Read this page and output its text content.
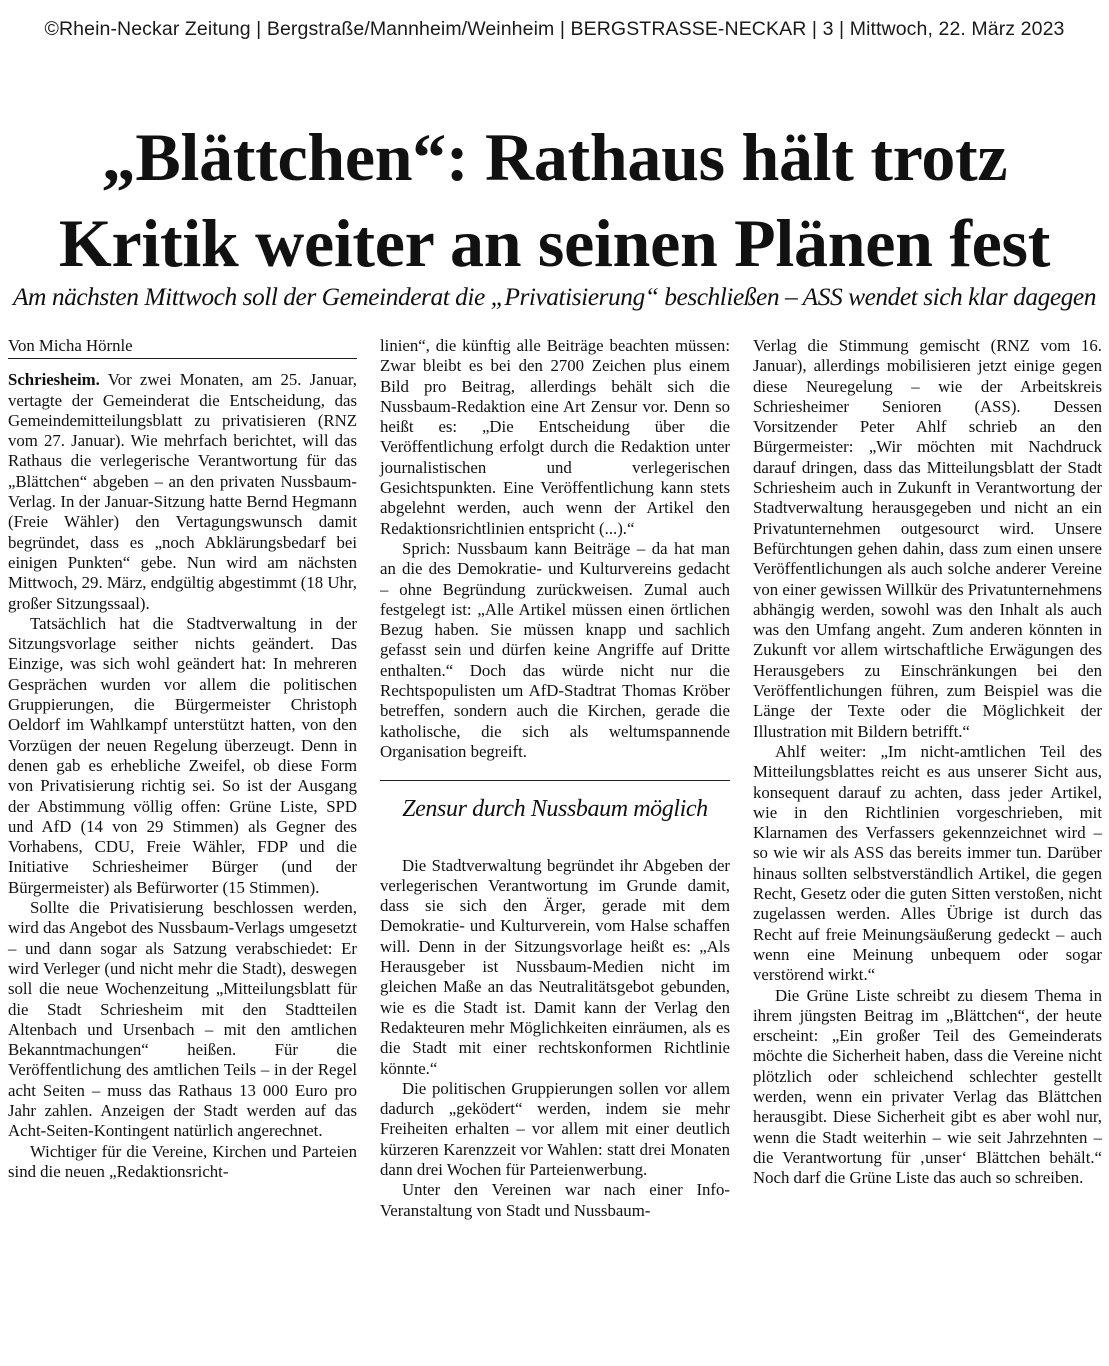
©Rhein-Neckar Zeitung | Bergstraße/Mannheim/Weinheim | BERGSTRASSE-NECKAR | 3 | Mittwoch, 22. März 2023
„Blättchen“: Rathaus hält trotz
Kritik weiter an seinen Plänen fest
Am nächsten Mittwoch soll der Gemeinderat die „Privatisierung“ beschließen – ASS wendet sich klar dagegen
Von Micha Hörnle

Schriesheim. Vor zwei Monaten, am 25. Januar, vertagte der Gemeinderat die Entscheidung, das Gemeindemitteilungsblatt zu privatisieren (RNZ vom 27. Januar). Wie mehrfach berichtet, will das Rathaus die verlegerische Verantwortung für das „Blättchen“ abgeben – an den privaten Nussbaum-Verlag. In der Januar-Sitzung hatte Bernd Hegmann (Freie Wähler) den Vertagungswunsch damit begründet, dass es „noch Abklärungsbedarf bei einigen Punkten“ gebe. Nun wird am nächsten Mittwoch, 29. März, endgültig abgestimmt (18 Uhr, großer Sitzungssaal).

Tatsächlich hat die Stadtverwaltung in der Sitzungsvorlage seither nichts geändert. Das Einzige, was sich wohl geändert hat: In mehreren Gesprächen wurden vor allem die politischen Gruppierungen, die Bürgermeister Christoph Oeldorf im Wahlkampf unterstützt hatten, von den Vorzügen der neuen Regelung überzeugt. Denn in denen gab es erhebliche Zweifel, ob diese Form von Privatisierung richtig sei. So ist der Ausgang der Abstimmung völlig offen: Grüne Liste, SPD und AfD (14 von 29 Stimmen) als Gegner des Vorhabens, CDU, Freie Wähler, FDP und die Initiative Schriesheimer Bürger (und der Bürgermeister) als Befürworter (15 Stimmen).

Sollte die Privatisierung beschlossen werden, wird das Angebot des Nussbaum-Verlags umgesetzt – und dann sogar als Satzung verabschiedet: Er wird Verleger (und nicht mehr die Stadt), deswegen soll die neue Wochenzeitung „Mitteilungsblatt für die Stadt Schriesheim mit den Stadtteilen Altenbach und Ursenbach – mit den amtlichen Bekanntmachungen“ heißen. Für die Veröffentlichung des amtlichen Teils – in der Regel acht Seiten – muss das Rathaus 13 000 Euro pro Jahr zahlen. Anzeigen der Stadt werden auf das Acht-Seiten-Kontingent natürlich angerechnet.

Wichtiger für die Vereine, Kirchen und Parteien sind die neuen „Redaktionsricht-

linien“, die künftig alle Beiträge beachten müssen: Zwar bleibt es bei den 2700 Zeichen plus einem Bild pro Beitrag, allerdings behält sich die Nussbaum-Redaktion eine Art Zensur vor. Denn so heißt es: „Die Entscheidung über die Veröffentlichung erfolgt durch die Redaktion unter journalistischen und verlegerischen Gesichtspunkten. Eine Veröffentlichung kann stets abgelehnt werden, auch wenn der Artikel den Redaktionsrichtlinien entspricht (...).“

Sprich: Nussbaum kann Beiträge – da hat man an die des Demokratie- und Kulturvereins gedacht – ohne Begründung zurückweisen. Zumal auch festgelegt ist: „Alle Artikel müssen einen örtlichen Bezug haben. Sie müssen knapp und sachlich gefasst sein und dürfen keine Angriffe auf Dritte enthalten.“ Doch das würde nicht nur die Rechtspopulisten um AfD-Stadtrat Thomas Kröber betreffen, sondern auch die Kirchen, gerade die katholische, die sich als weltumspannende Organisation begreift.

Zensur durch Nussbaum möglich

Die Stadtverwaltung begründet ihr Abgeben der verlegerischen Verantwortung im Grunde damit, dass sie sich den Ärger, gerade mit dem Demokratie- und Kulturverein, vom Halse schaffen will. Denn in der Sitzungsvorlage heißt es: „Als Herausgeber ist Nussbaum-Medien nicht im gleichen Maße an das Neutralitätsgebot gebunden, wie es die Stadt ist. Damit kann der Verlag den Redakteuren mehr Möglichkeiten einräumen, als es die Stadt mit einer rechtskonformen Richtlinie könnte.“

Die politischen Gruppierungen sollen vor allem dadurch „geködert“ werden, indem sie mehr Freiheiten erhalten – vor allem mit einer deutlich kürzeren Karenzzeit vor Wahlen: statt drei Monaten dann drei Wochen für Parteienwerbung.

Unter den Vereinen war nach einer Info-Veranstaltung von Stadt und Nussbaum-

Verlag die Stimmung gemischt (RNZ vom 16. Januar), allerdings mobilisieren jetzt einige gegen diese Neuregelung – wie der Arbeitskreis Schriesheimer Senioren (ASS). Dessen Vorsitzender Peter Ahlf schrieb an den Bürgermeister: „Wir möchten mit Nachdruck darauf dringen, dass das Mitteilungsblatt der Stadt Schriesheim auch in Zukunft in Verantwortung der Stadtverwaltung herausgegeben und nicht an ein Privatunternehmen outgesourct wird. Unsere Befürchtungen gehen dahin, dass zum einen unsere Veröffentlichungen als auch solche anderer Vereine von einer gewissen Willkür des Privatunternehmens abhängig werden, sowohl was den Inhalt als auch was den Umfang angeht. Zum anderen könnten in Zukunft vor allem wirtschaftliche Erwägungen des Herausgebers zu Einschränkungen bei den Veröffentlichungen führen, zum Beispiel was die Länge der Texte oder die Möglichkeit der Illustration mit Bildern betrifft.“

Ahlf weiter: „Im nicht-amtlichen Teil des Mitteilungsblattes reicht es aus unserer Sicht aus, konsequent darauf zu achten, dass jeder Artikel, wie in den Richtlinien vorgeschrieben, mit Klarnamen des Verfassers gekennzeichnet wird – so wie wir als ASS das bereits immer tun. Darüber hinaus sollten selbstverständlich Artikel, die gegen Recht, Gesetz oder die guten Sitten verstoßen, nicht zugelassen werden. Alles Übrige ist durch das Recht auf freie Meinungsäußerung gedeckt – auch wenn eine Meinung unbequem oder sogar verstörend wirkt.“

Die Grüne Liste schreibt zu diesem Thema in ihrem jüngsten Beitrag im „Blättchen“, der heute erscheint: „Ein großer Teil des Gemeinderats möchte die Sicherheit haben, dass die Vereine nicht plötzlich oder schleichend schlechter gestellt werden, wenn ein privater Verlag das Blättchen herausgibt. Diese Sicherheit gibt es aber wohl nur, wenn die Stadt weiterhin – wie seit Jahrzehnten – die Verantwortung für ‚unser‘ Blättchen behält.“ Noch darf die Grüne Liste das auch so schreiben.
